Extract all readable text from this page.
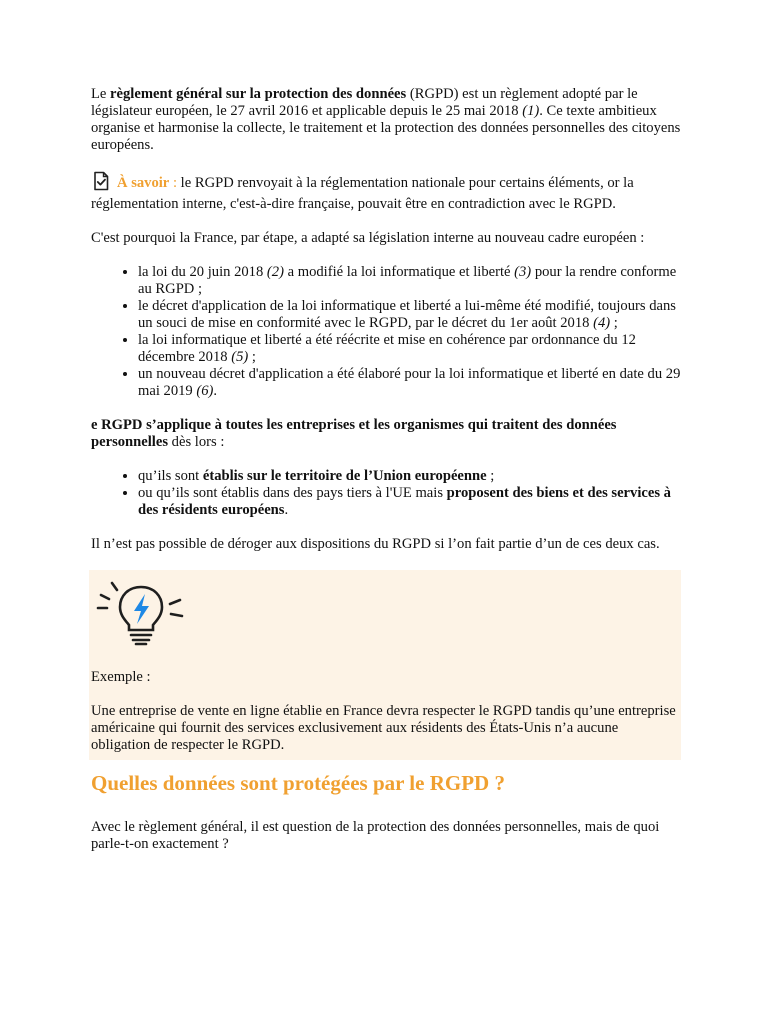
Le règlement général sur la protection des données (RGPD) est un règlement adopté par le législateur européen, le 27 avril 2016 et applicable depuis le 25 mai 2018 (1). Ce texte ambitieux organise et harmonise la collecte, le traitement et la protection des données personnelles des citoyens européens.

À savoir : le RGPD renvoyait à la réglementation nationale pour certains éléments, or la réglementation interne, c'est-à-dire française, pouvait être en contradiction avec le RGPD.

C'est pourquoi la France, par étape, a adapté sa législation interne au nouveau cadre européen :

• la loi du 20 juin 2018 (2) a modifié la loi informatique et liberté (3) pour la rendre conforme au RGPD ;
• le décret d'application de la loi informatique et liberté a lui-même été modifié, toujours dans un souci de mise en conformité avec le RGPD, par le décret du 1er août 2018 (4) ;
• la loi informatique et liberté a été réécrite et mise en cohérence par ordonnance du 12 décembre 2018 (5) ;
• un nouveau décret d'application a été élaboré pour la loi informatique et liberté en date du 29 mai 2019 (6).

e RGPD s’applique à toutes les entreprises et les organismes qui traitent des données personnelles dès lors :

• qu’ils sont établis sur le territoire de l’Union européenne ;
• ou qu’ils sont établis dans des pays tiers à l'UE mais proposent des biens et des services à des résidents européens.

Il n’est pas possible de déroger aux dispositions du RGPD si l’on fait partie d’un de ces deux cas.

Exemple :

Une entreprise de vente en ligne établie en France devra respecter le RGPD tandis qu’une entreprise américaine qui fournit des services exclusivement aux résidents des États-Unis n’a aucune obligation de respecter le RGPD.

Quelles données sont protégées par le RGPD ?

Avec le règlement général, il est question de la protection des données personnelles, mais de quoi parle-t-on exactement ?
